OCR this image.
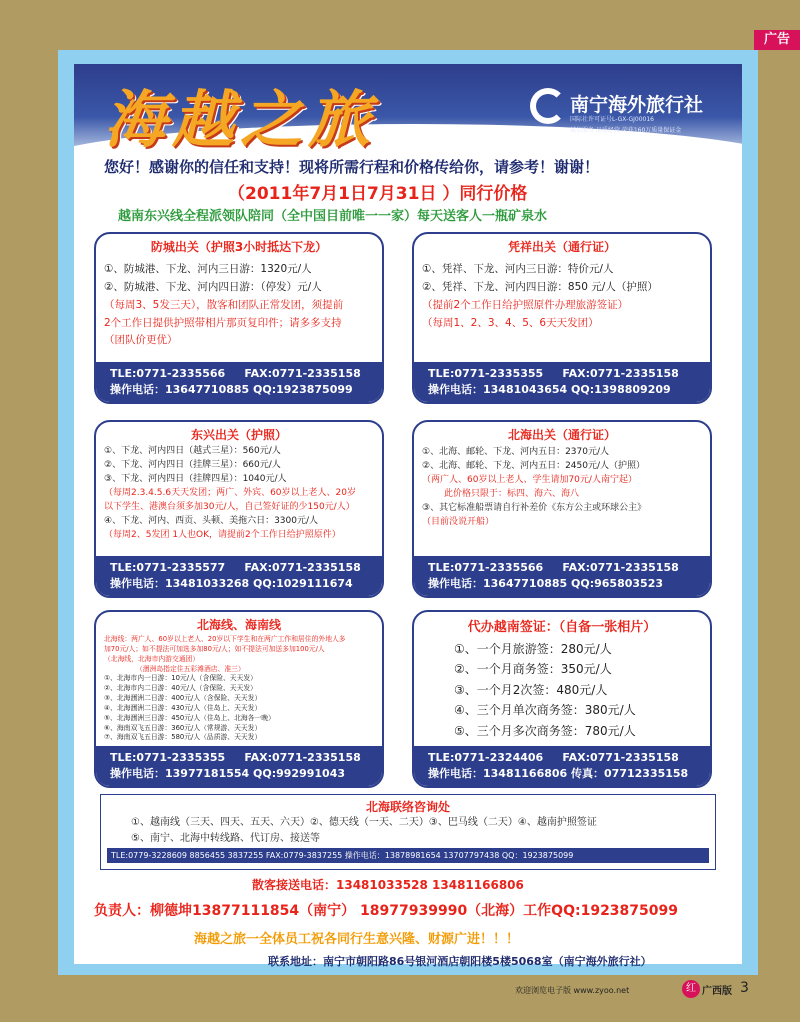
广告
海越之旅	南宁海外旅行社
国际社许可证号L-GX-GJ00016
诚信服务 品质经营 荣获160万质量保证金
您好！感谢你的信任和支持！现将所需行程和价格传给你，请参考！谢谢！
（2011年7月1日7月31日 ）同行价格
越南东兴线全程派领队陪同（全中国目前唯一一家）每天送客人一瓶矿泉水
防城出关（护照3小时抵达下龙）
①、防城港、下龙、河内三日游：1320元/人
②、防城港、下龙、河内四日游：（停发）元/人
（每周3、5发三天），散客和团队正常发团，须提前
2个工作日提供护照带相片那页复印件；请多多支持
（团队价更优）
TLE:0771-2335566 FAX:0771-2335158
操作电话：13647710885 QQ:1923875099
凭祥出关（通行证）
①、凭祥、下龙、河内三日游：特价元/人
②、凭祥、下龙、河内四日游：850 元/人（护照）
（提前2个工作日给护照原件办理旅游签证）
（每周1、2、3、4、5、6天天发团）
TLE:0771-2335355 FAX:0771-2335158
操作电话：13481043654 QQ:1398809209
东兴出关（护照）
①、下龙、河内四日（越式三星）：560元/人
②、下龙、河内四日（挂牌三星）：660元/人
③、下龙、河内四日（挂牌四星）：1040元/人
（每周2.3.4.5.6天天发团；两广、外宾、60岁以上老人、20岁
以下学生、港澳台须多加30元/人，自己签好证的少150元/人）
④、下龙、河内、西贡、头顿、美拖六日：3300元/人
（每周2、5发团 1人也OK，请提前2个工作日给护照原件）
TLE:0771-2335577 FAX:0771-2335158
操作电话：13481033268 QQ:1029111674
北海出关（通行证）
①、北海、邮轮、下龙、河内五日：2370元/人
②、北海、邮轮、下龙、河内五日：2450元/人（护照）
（两广人、60岁以上老人、学生请加70元/人南宁起）
此价格只限于：标四、海六、海八
③、其它标准船票请自行补差价《东方公主或环球公主》
（目前没说开船）
TLE:0771-2335566 FAX:0771-2335158
操作电话：13647710885 QQ:965803523
北海线、海南线
北海线：两广人、60岁以上老人、20岁以下学生和在两广工作和居住的外地人多
加70元/人；如不提法可加选多加80元/人；如不提法可加送多加100元/人
（北海线，北海市内游交通团）
（涠洲岛指定住五彩滩酒店、准三）
①、北海市内一日游：10元/人（含保险、天天发）
②、北海市内二日游：40元/人（含保险、天天发）
③、北海涠洲二日游：400元/人（含保险、天天发）
④、北海涠洲二日游：430元/人（住岛上、天天发）
⑤、北海涠洲三日游：450元/人（住岛上、北海各一晚）
⑥、海南双飞五日游：360元/人（常规游、天天发）
⑦、海南双飞五日游：580元/人（品质游、天天发）
TLE:0771-2335355 FAX:0771-2335158
操作电话：13977181554 QQ:992991043
代办越南签证：（自备一张相片）
①、一个月旅游签：280元/人
②、一个月商务签：350元/人
③、一个月2次签：480元/人
④、三个月单次商务签：380元/人
⑤、三个月多次商务签：780元/人
TLE:0771-2324406 FAX:0771-2335158
操作电话：13481166806 传真：07712335158
北海联络咨询处
①、越南线（三天、四天、五天、六天）②、德天线（一天、二天）③、巴马线（二天）④、越南护照签证
⑤、南宁、北海中转线路、代订房、接送等
TLE:0779-3228609 8856455 3837255 FAX:0779-3837255 操作电话：13878981654 13707797438 QQ：1923875099
散客接送电话：13481033528 13481166806
负责人：柳德坤13877111854（南宁） 18977939990（北海）工作QQ:1923875099
海越之旅一全体员工祝各同行生意兴隆、财源广进！！！
联系地址：南宁市朝阳路86号银河酒店朝阳楼5楼5068室（南宁海外旅行社）
欢迎浏览电子版 www.zyoo.net	红 广西版 3
